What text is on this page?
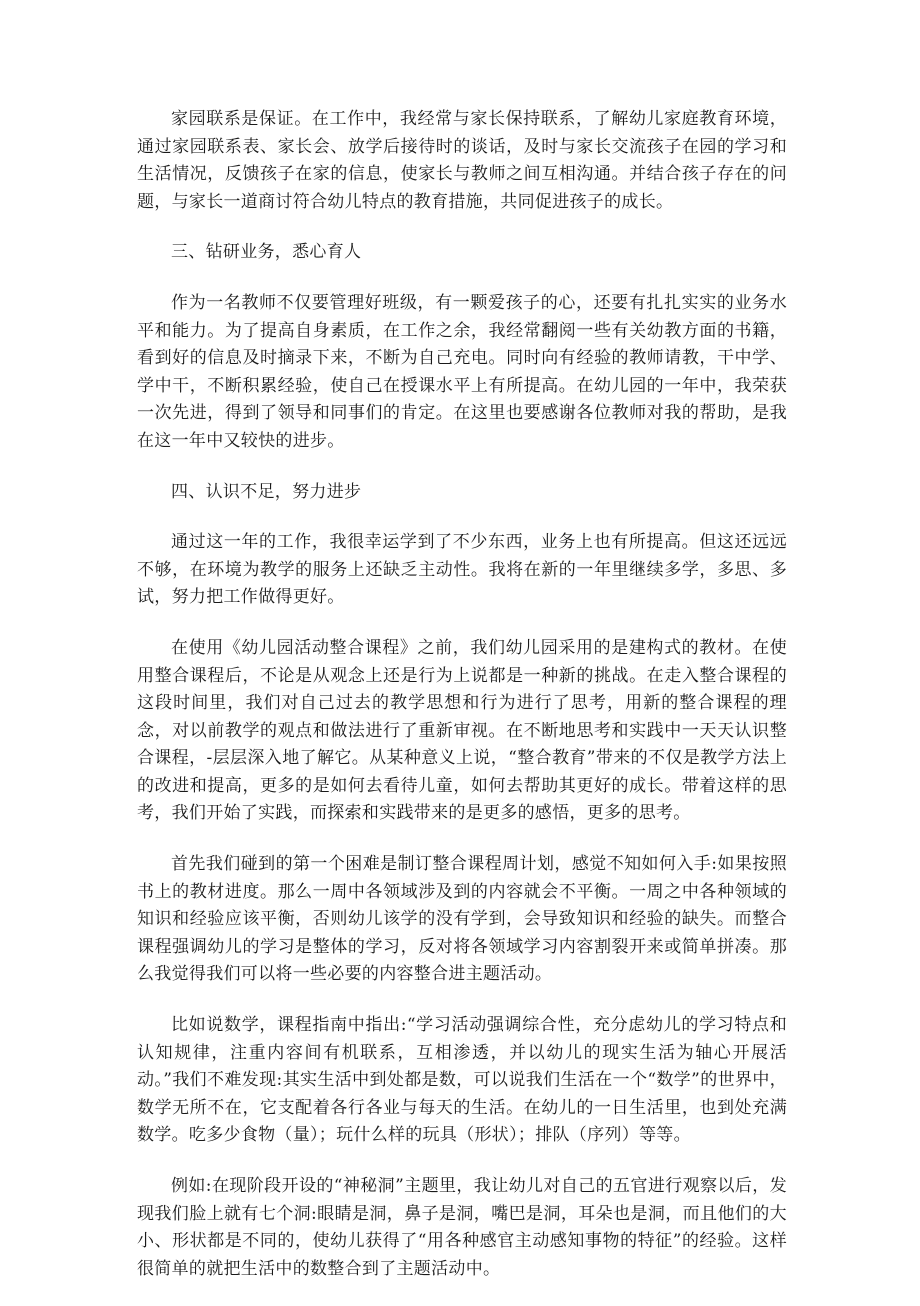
家园联系是保证。在工作中，我经常与家长保持联系，了解幼儿家庭教育环境，通过家园联系表、家长会、放学后接待时的谈话，及时与家长交流孩子在园的学习和生活情况，反馈孩子在家的信息，使家长与教师之间互相沟通。并结合孩子存在的问题，与家长一道商讨符合幼儿特点的教育措施，共同促进孩子的成长。

三、钻研业务，悉心育人

作为一名教师不仅要管理好班级，有一颗爱孩子的心，还要有扎扎实实的业务水平和能力。为了提高自身素质，在工作之余，我经常翻阅一些有关幼教方面的书籍，看到好的信息及时摘录下来，不断为自己充电。同时向有经验的教师请教，干中学、学中干，不断积累经验，使自己在授课水平上有所提高。在幼儿园的一年中，我荣获一次先进，得到了领导和同事们的肯定。在这里也要感谢各位教师对我的帮助，是我在这一年中又较快的进步。

四、认识不足，努力进步

通过这一年的工作，我很幸运学到了不少东西，业务上也有所提高。但这还远远不够，在环境为教学的服务上还缺乏主动性。我将在新的一年里继续多学，多思、多试，努力把工作做得更好。

在使用《幼儿园活动整合课程》之前，我们幼儿园采用的是建构式的教材。在使用整合课程后，不论是从观念上还是行为上说都是一种新的挑战。在走入整合课程的这段时间里，我们对自己过去的教学思想和行为进行了思考，用新的整合课程的理念，对以前教学的观点和做法进行了重新审视。在不断地思考和实践中一天天认识整合课程，-层层深入地了解它。从某种意义上说，“整合教育”带来的不仅是教学方法上的改进和提高，更多的是如何去看待儿童，如何去帮助其更好的成长。带着这样的思考，我们开始了实践，而探索和实践带来的是更多的感悟，更多的思考。

首先我们碰到的第一个困难是制订整合课程周计划，感觉不知如何入手:如果按照书上的教材进度。那么一周中各领域涉及到的内容就会不平衡。一周之中各种领域的知识和经验应该平衡，否则幼儿该学的没有学到，会导致知识和经验的缺失。而整合课程强调幼儿的学习是整体的学习，反对将各领域学习内容割裂开来或简单拼凑。那么我觉得我们可以将一些必要的内容整合进主题活动。

比如说数学，课程指南中指出:“学习活动强调综合性，充分虑幼儿的学习特点和认知规律，注重内容间有机联系，互相渗透，并以幼儿的现实生活为轴心开展活动。”我们不难发现:其实生活中到处都是数，可以说我们生活在一个“数学”的世界中，数学无所不在，它支配着各行各业与每天的生活。在幼儿的一日生活里，也到处充满数学。吃多少食物（量）；玩什么样的玩具（形状）；排队（序列）等等。

例如:在现阶段开设的“神秘洞”主题里，我让幼儿对自己的五官进行观察以后，发现我们脸上就有七个洞:眼睛是洞，鼻子是洞，嘴巴是洞，耳朵也是洞，而且他们的大小、形状都是不同的，使幼儿获得了“用各种感官主动感知事物的特征”的经验。这样很简单的就把生活中的数整合到了主题活动中。
